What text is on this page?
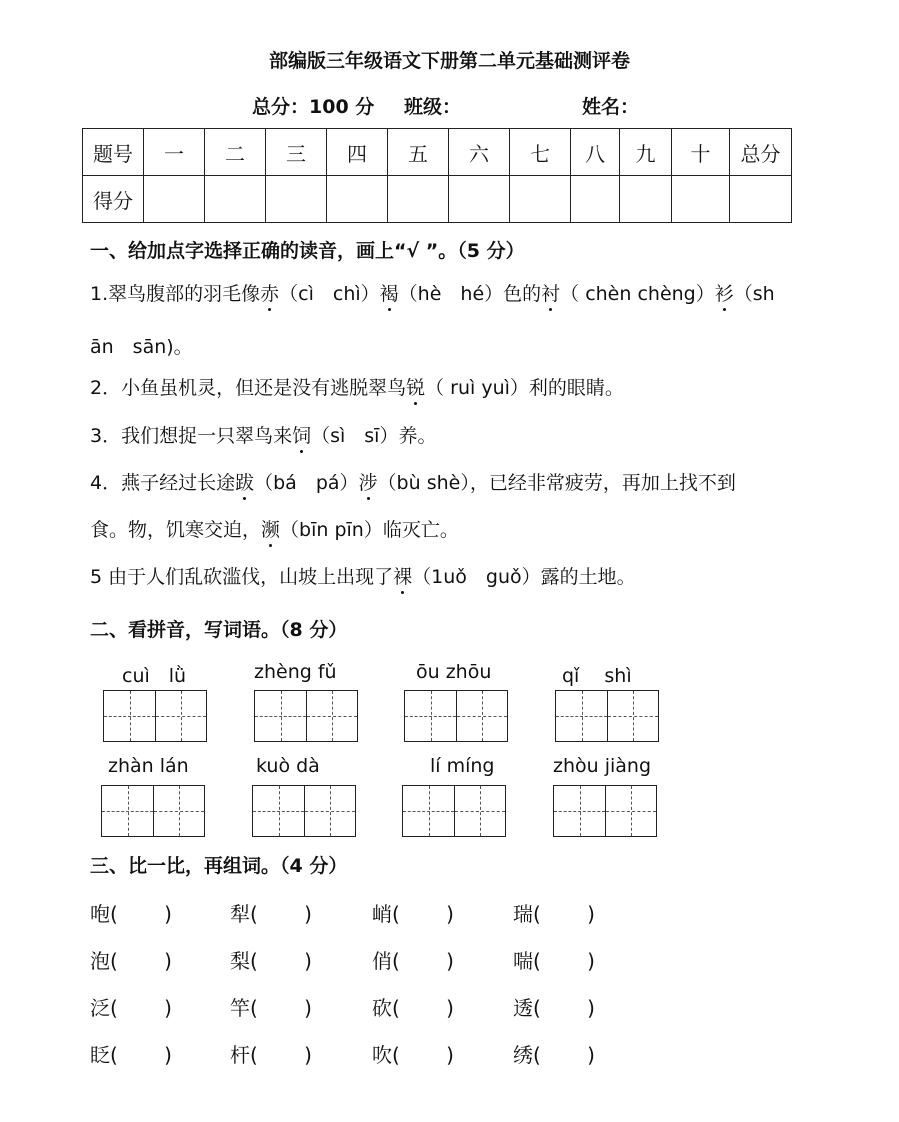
部编版三年级语文下册第二单元基础测评卷
总分：100 分 班级：	姓名：
题号	一	二	三	四	五	六	七	八	九	十	总分
得分											
一、给加点字选择正确的读音，画上“√ ”。（5 分）
1.翠鸟腹部的羽毛像赤（cì　chì）褐（hè　hé）色的衬（ chèn chèng）衫（sh
ān　sān)。
2．小鱼虽机灵，但还是没有逃脱翠鸟锐（ ruì yuì）利的眼睛。
3．我们想捉一只翠鸟来饲（sì　sī）养。
4．燕子经过长途跋（bá　pá）涉（bù shè），已经非常疲劳，再加上找不到
食。物，饥寒交迫，濒（bīn pīn）临灭亡。
5 由于人们乱砍滥伐，山坡上出现了裸（1uǒ　guǒ）露的土地。
二、看拼音，写词语。（8 分）
cuì　lǜ	zhèng fǔ	ōu zhōu	qǐ　 shì
zhàn lán	kuò dà	lí míng	zhòu jiàng
三、比一比，再组词。（4 分）
咆(　　 )	犁(　　 )	峭(　　 )	瑞(　　 )
泡(　　 )	梨(　　 )	俏(　　 )	喘(　　 )
泛(　　 )	竿(　　 )	砍(　　 )	透(　　 )
眨(　　 )	杆(　　 )	吹(　　 )	绣(　　 )
